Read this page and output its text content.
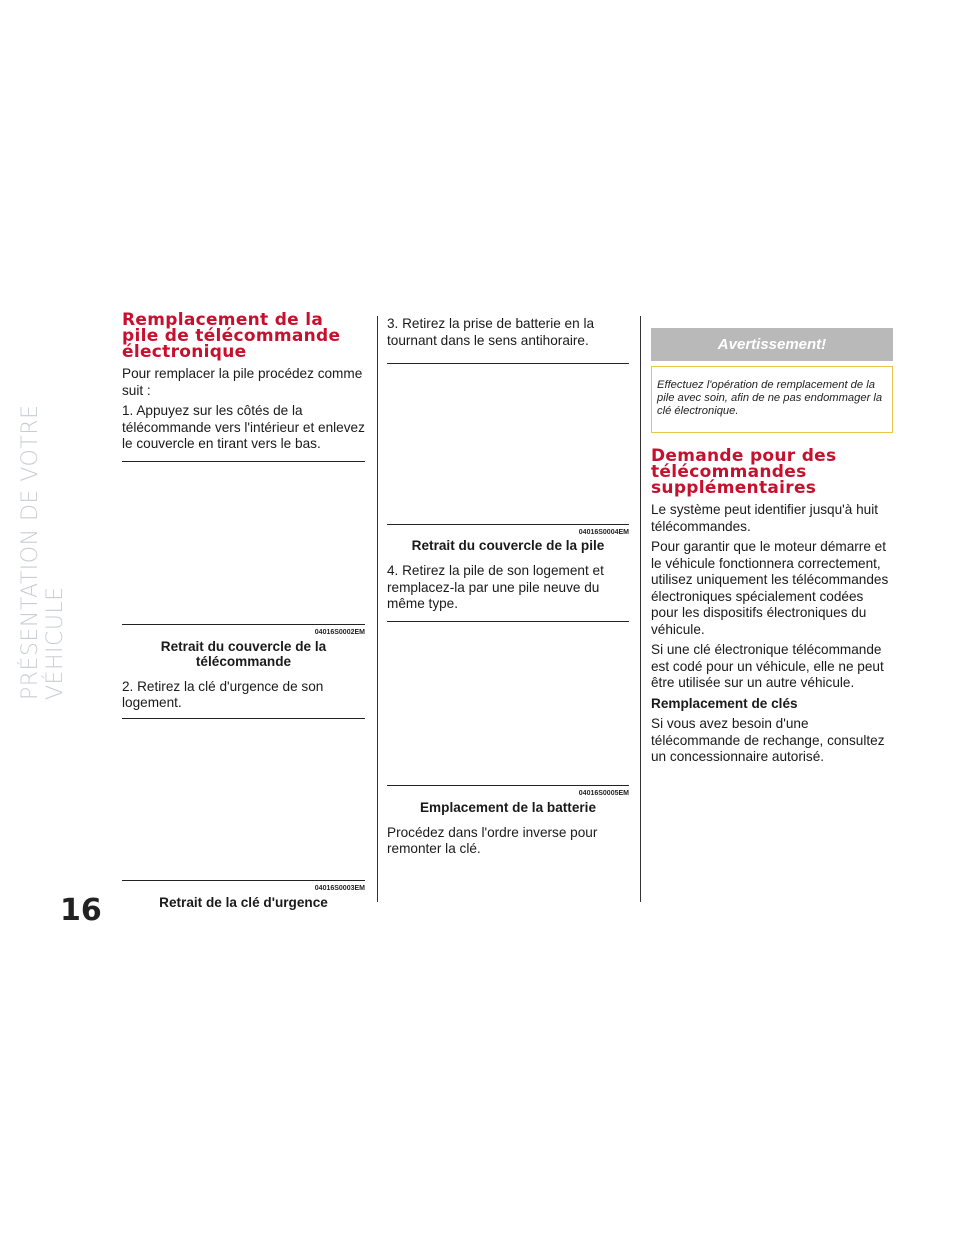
PRÉSENTATION DE VOTRE VÉHICULE
16
Remplacement de la pile de télécommande électronique

Pour remplacer la pile procédez comme suit :

1. Appuyez sur les côtés de la télécommande vers l'intérieur et enlevez le couvercle en tirant vers le bas.

04016S0002EM
Retrait du couvercle de la télécommande

2. Retirez la clé d'urgence de son logement.

04016S0003EM
Retrait de la clé d'urgence

3. Retirez la prise de batterie en la tournant dans le sens antihoraire.

04016S0004EM
Retrait du couvercle de la pile

4. Retirez la pile de son logement et remplacez-la par une pile neuve du même type.

04016S0005EM
Emplacement de la batterie

Procédez dans l'ordre inverse pour remonter la clé.

Avertissement!
Effectuez l'opération de remplacement de la pile avec soin, afin de ne pas endommager la clé électronique.
Demande pour des télécommandes supplémentaires

Le système peut identifier jusqu'à huit télécommandes.

Pour garantir que le moteur démarre et le véhicule fonctionnera correctement, utilisez uniquement les télécommandes électroniques spécialement codées pour les dispositifs électroniques du véhicule.

Si une clé électronique télécommande est codé pour un véhicule, elle ne peut être utilisée sur un autre véhicule.

Remplacement de clés

Si vous avez besoin d'une télécommande de rechange, consultez un concessionnaire autorisé.
